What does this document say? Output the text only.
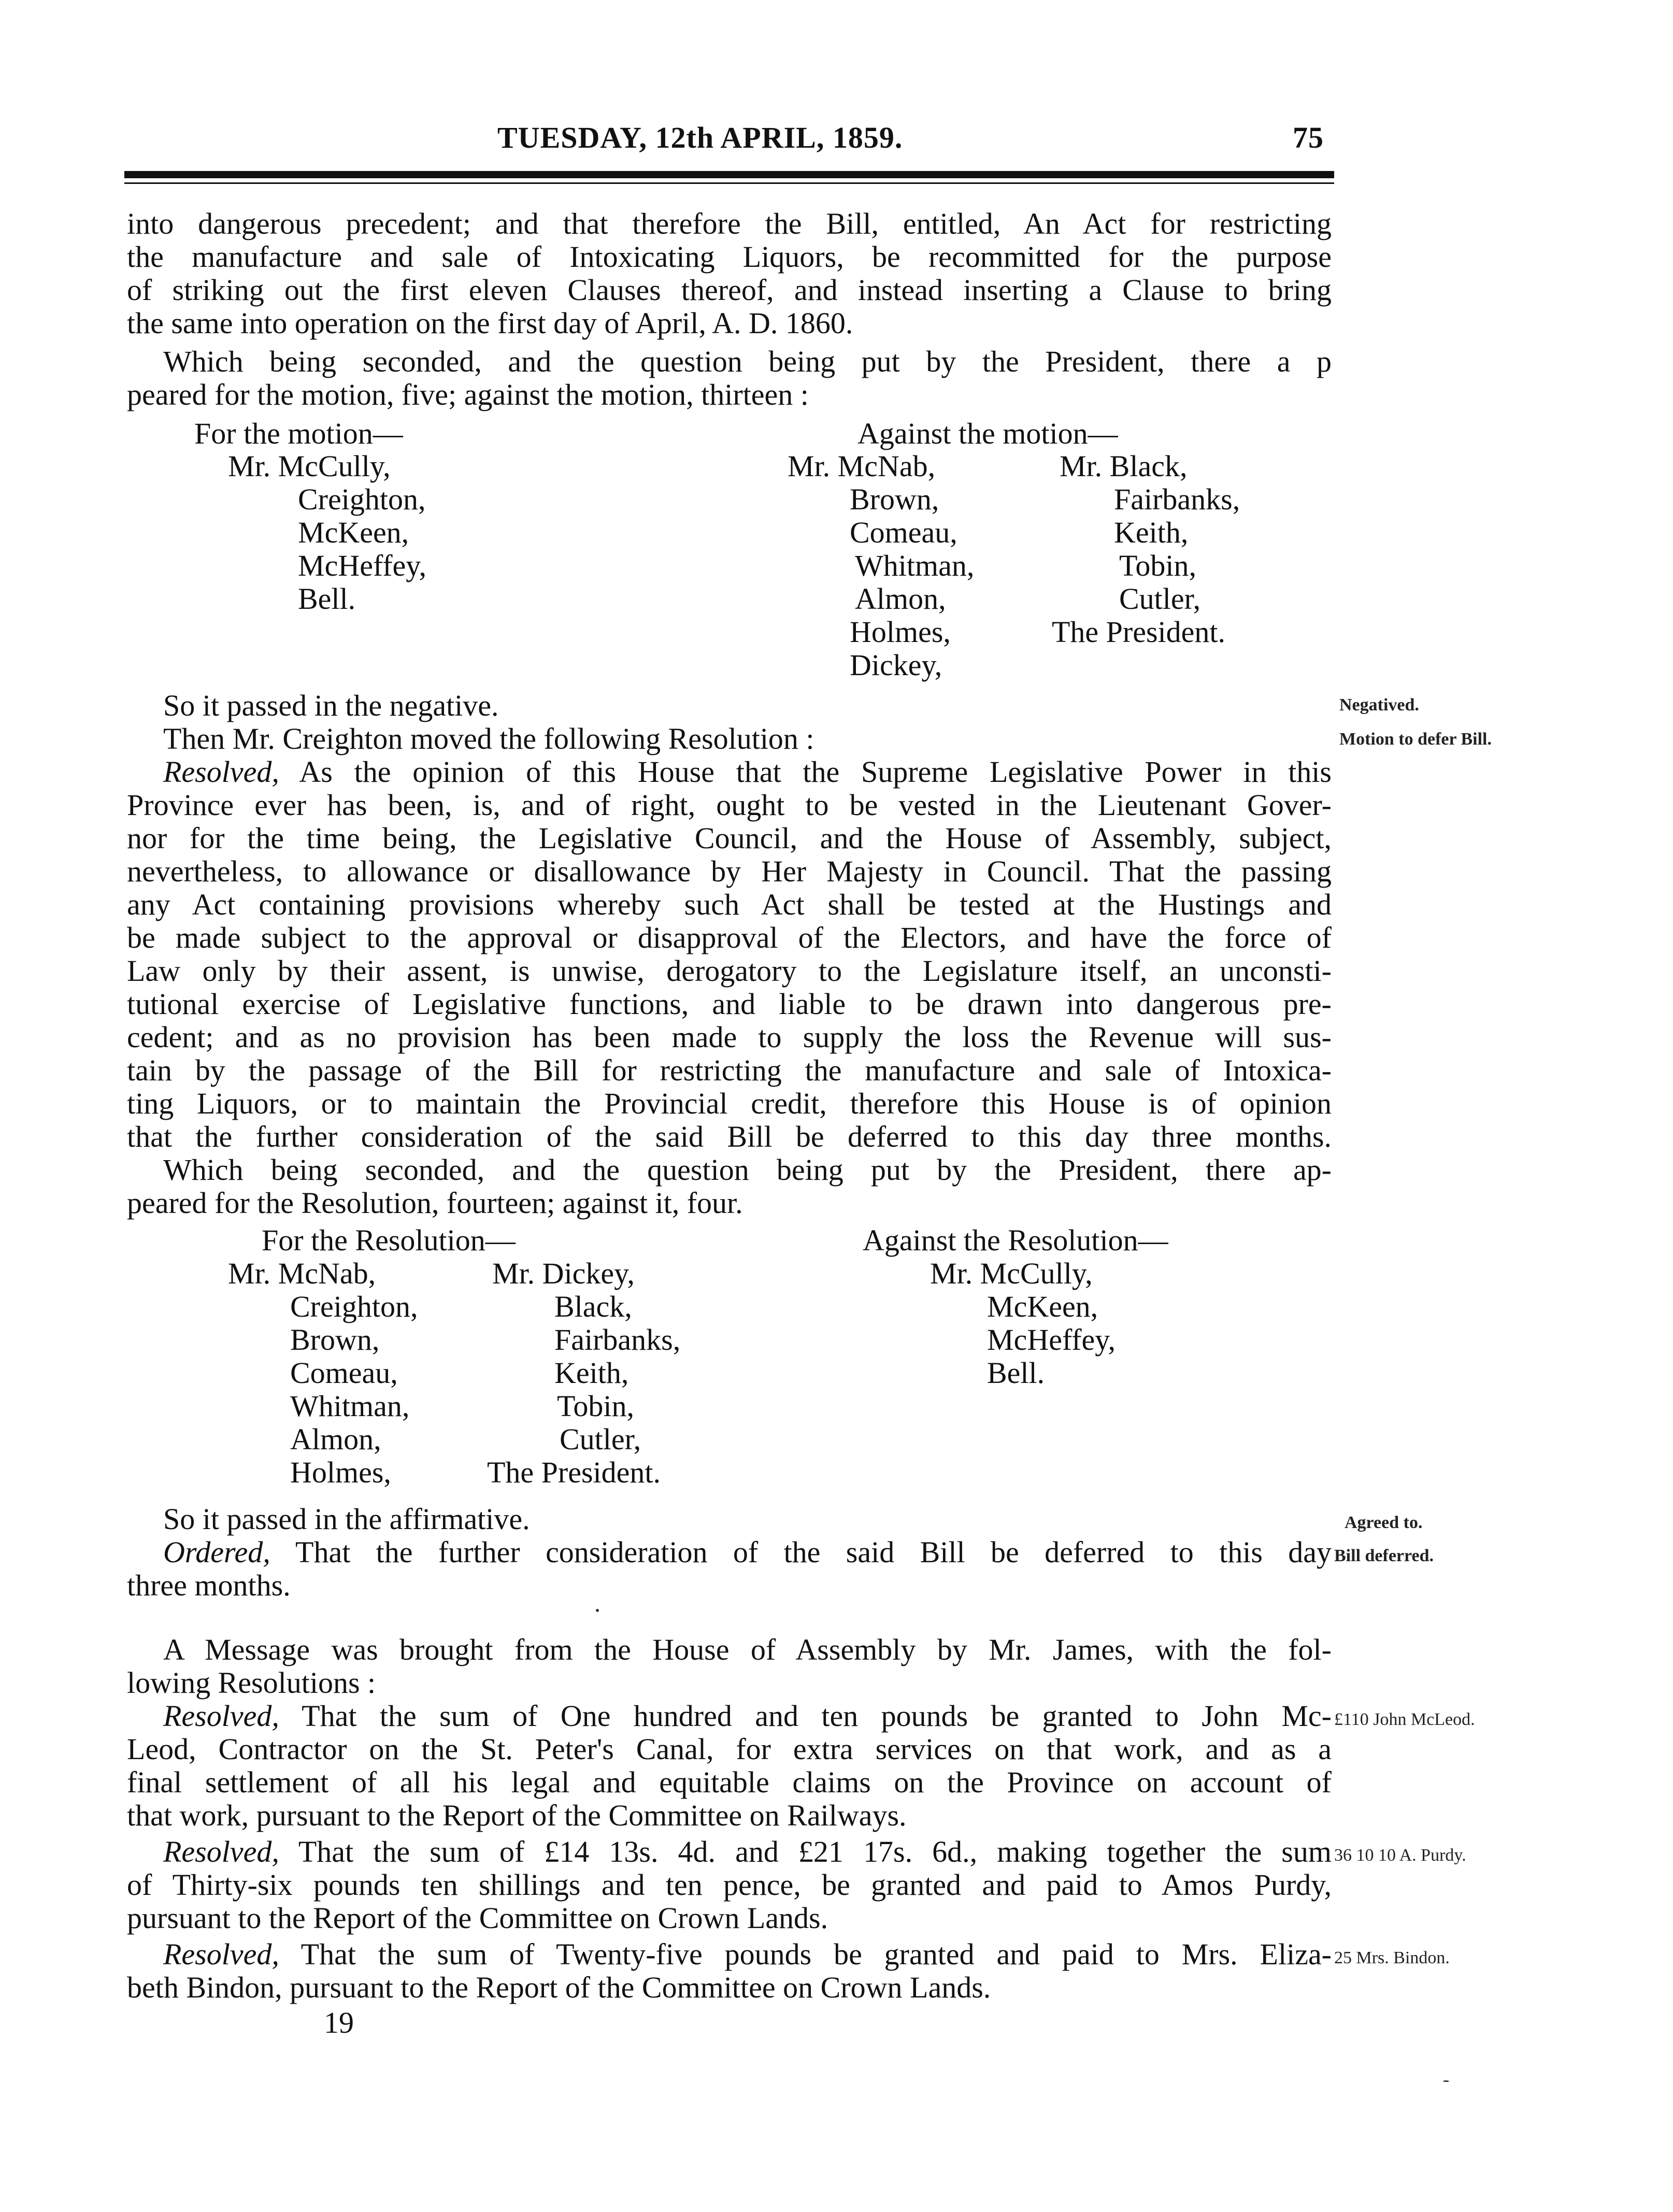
TUESDAY, 12th APRIL, 1859.	75
into dangerous precedent; and that therefore the Bill, entitled, An Act for restricting
the manufacture and sale of Intoxicating Liquors, be recommitted for the purpose
of striking out the first eleven Clauses thereof, and instead inserting a Clause to bring
the same into operation on the first day of April, A. D. 1860.
Which being seconded, and the question being put by the President, there a p
peared for the motion, five; against the motion, thirteen :
For the motion—
Mr. McCully,
Creighton,
McKeen,
McHeffey,
Bell.
Against the motion—
Mr. McNab,
Brown,
Comeau,
Whitman,
Almon,
Holmes,
Dickey,
Mr. Black,
Fairbanks,
Keith,
Tobin,
Cutler,
The President.
So it passed in the negative.
Then Mr. Creighton moved the following Resolution :
Resolved, As the opinion of this House that the Supreme Legislative Power in this
Province ever has been, is, and of right, ought to be vested in the Lieutenant Gover-
nor for the time being, the Legislative Council, and the House of Assembly, subject,
nevertheless, to allowance or disallowance by Her Majesty in Council. That the passing
any Act containing provisions whereby such Act shall be tested at the Hustings and
be made subject to the approval or disapproval of the Electors, and have the force of
Law only by their assent, is unwise, derogatory to the Legislature itself, an unconsti-
tutional exercise of Legislative functions, and liable to be drawn into dangerous pre-
cedent; and as no provision has been made to supply the loss the Revenue will sus-
tain by the passage of the Bill for restricting the manufacture and sale of Intoxica-
ting Liquors, or to maintain the Provincial credit, therefore this House is of opinion
that the further consideration of the said Bill be deferred to this day three months.
Which being seconded, and the question being put by the President, there ap-
peared for the Resolution, fourteen; against it, four.
For the Resolution—
Mr. McNab,
Creighton,
Brown,
Comeau,
Whitman,
Almon,
Holmes,
Mr. Dickey,
Black,
Fairbanks,
Keith,
Tobin,
Cutler,
The President.
Against the Resolution—
Mr. McCully,
McKeen,
McHeffey,
Bell.
So it passed in the affirmative.
Ordered, That the further consideration of the said Bill be deferred to this day
three months.
A Message was brought from the House of Assembly by Mr. James, with the fol-
lowing Resolutions :
Resolved, That the sum of One hundred and ten pounds be granted to John Mc-
Leod, Contractor on the St. Peter's Canal, for extra services on that work, and as a
final settlement of all his legal and equitable claims on the Province on account of
that work, pursuant to the Report of the Committee on Railways.
Resolved, That the sum of £14 13s. 4d. and £21 17s. 6d., making together the sum
of Thirty-six pounds ten shillings and ten pence, be granted and paid to Amos Purdy,
pursuant to the Report of the Committee on Crown Lands.
Resolved, That the sum of Twenty-five pounds be granted and paid to Mrs. Eliza-
beth Bindon, pursuant to the Report of the Committee on Crown Lands.
19
Negatived.
Motion to defer Bill.
Agreed to.
Bill deferred.
£110 John McLeod.
36 10 10 A. Purdy.
25 Mrs. Bindon.
